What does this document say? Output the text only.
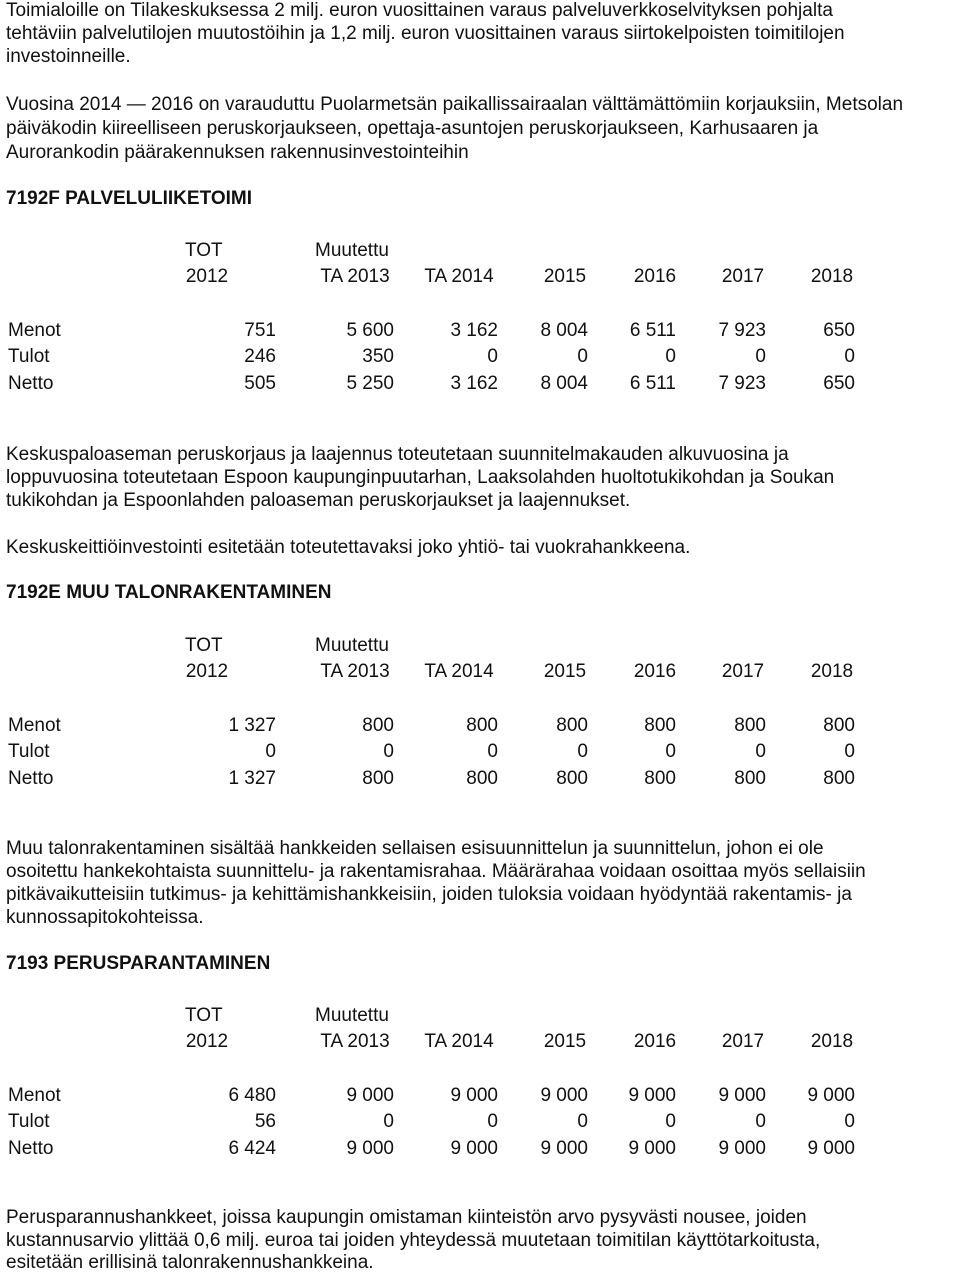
Toimialoille on Tilakeskuksessa 2 milj. euron vuosittainen varaus palveluverkkoselvityksen pohjalta
tehtäviin palvelutilojen muutostöihin ja 1,2 milj. euron vuosittainen varaus siirtokelpoisten toimitilojen
investoinneille.
Vuosina 2014 — 2016 on varauduttu Puolarmetsän paikallissairaalan välttämättömiin korjauksiin, Metsolan
päiväkodin kiireelliseen peruskorjaukseen, opettaja-asuntojen peruskorjaukseen, Karhusaaren ja
Aurorankodin päärakennuksen rakennusinvestointeihin
7192F PALVELULIIKETOIMI
TOT	Muutettu
2012	TA 2013	TA 2014	2015	2016	2017	2018
Menot	751	5 600	3 162	8 004	6 511	7 923	650
Tulot	246	350	0	0	0	0	0
Netto	505	5 250	3 162	8 004	6 511	7 923	650
Keskuspaloaseman peruskorjaus ja laajennus toteutetaan suunnitelmakauden alkuvuosina ja
loppuvuosina toteutetaan Espoon kaupunginpuutarhan, Laaksolahden huoltotukikohdan ja Soukan
tukikohdan ja Espoonlahden paloaseman peruskorjaukset ja laajennukset.
Keskuskeittiöinvestointi esitetään toteutettavaksi joko yhtiö- tai vuokrahankkeena.
7192E MUU TALONRAKENTAMINEN
TOT	Muutettu
2012	TA 2013	TA 2014	2015	2016	2017	2018
Menot	1 327	800	800	800	800	800	800
Tulot	0	0	0	0	0	0	0
Netto	1 327	800	800	800	800	800	800
Muu talonrakentaminen sisältää hankkeiden sellaisen esisuunnittelun ja suunnittelun, johon ei ole
osoitettu hankekohtaista suunnittelu- ja rakentamisrahaa. Määrärahaa voidaan osoittaa myös sellaisiin
pitkävaikutteisiin tutkimus- ja kehittämishankkeisiin, joiden tuloksia voidaan hyödyntää rakentamis- ja
kunnossapitokohteissa.
7193 PERUSPARANTAMINEN
TOT	Muutettu
2012	TA 2013	TA 2014	2015	2016	2017	2018
Menot	6 480	9 000	9 000	9 000	9 000	9 000	9 000
Tulot	56	0	0	0	0	0	0
Netto	6 424	9 000	9 000	9 000	9 000	9 000	9 000
Perusparannushankkeet, joissa kaupungin omistaman kiinteistön arvo pysyvästi nousee, joiden
kustannusarvio ylittää 0,6 milj. euroa tai joiden yhteydessä muutetaan toimitilan käyttötarkoitusta,
esitetään erillisinä talonrakennushankkeina.
